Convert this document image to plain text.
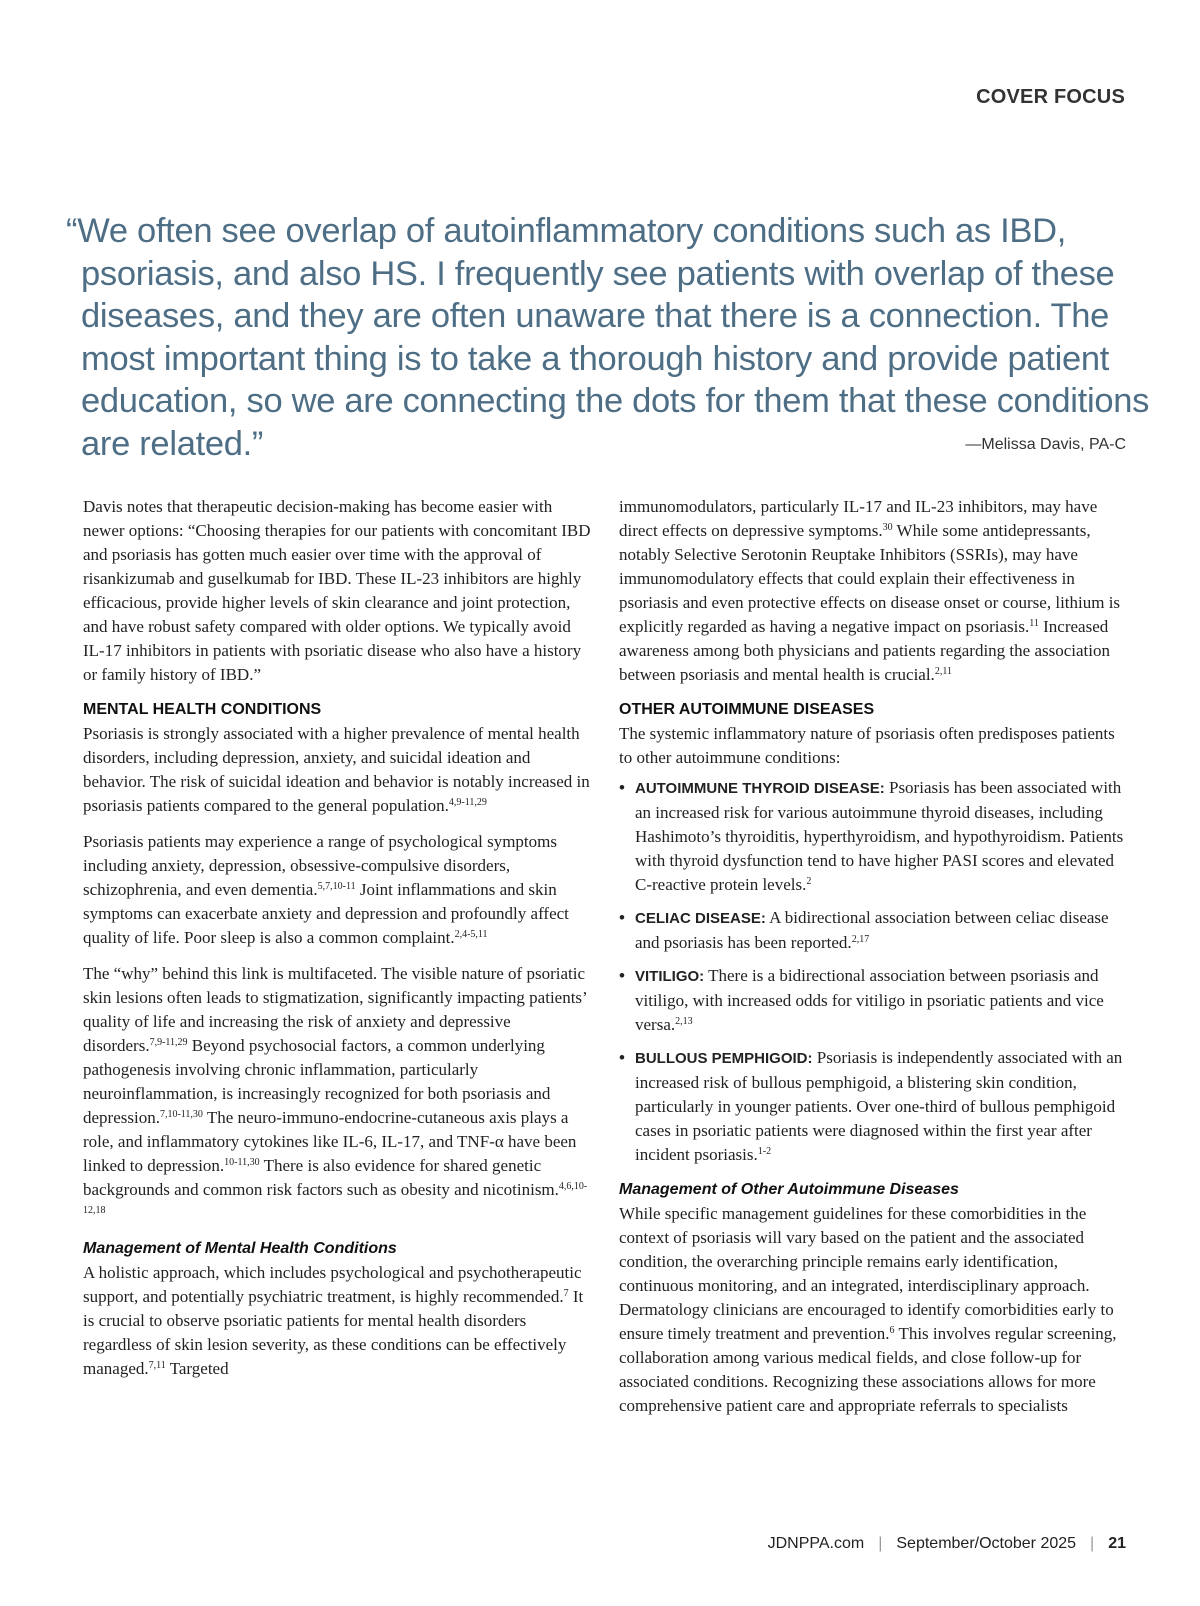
COVER FOCUS

“We often see overlap of autoinflammatory conditions such as IBD, psoriasis, and also HS. I frequently see patients with overlap of these diseases, and they are often unaware that there is a connection. The most important thing is to take a thorough history and provide patient education, so we are connecting the dots for them that these conditions are related.”	—Melissa Davis, PA-C

Davis notes that therapeutic decision-making has become easier with newer options: “Choosing therapies for our patients with concomitant IBD and psoriasis has gotten much easier over time with the approval of risankizumab and guselkumab for IBD. These IL-23 inhibitors are highly efficacious, provide higher levels of skin clearance and joint protection, and have robust safety compared with older options. We typically avoid IL-17 inhibitors in patients with psoriatic disease who also have a history or family history of IBD.”

MENTAL HEALTH CONDITIONS

Psoriasis is strongly associated with a higher prevalence of mental health disorders, including depression, anxiety, and suicidal ideation and behavior. The risk of suicidal ideation and behavior is notably increased in psoriasis patients compared to the general population.$^{4,9-11,29}$

Psoriasis patients may experience a range of psychological symptoms including anxiety, depression, obsessive-compulsive disorders, schizophrenia, and even dementia.$^{5,7,10-11}$ Joint inflammations and skin symptoms can exacerbate anxiety and depression and profoundly affect quality of life. Poor sleep is also a common complaint.$^{2,4-5,11}$

The “why” behind this link is multifaceted. The visible nature of psoriatic skin lesions often leads to stigmatization, significantly impacting patients’ quality of life and increasing the risk of anxiety and depressive disorders.$^{7,9-11,29}$ Beyond psychosocial factors, a common underlying pathogenesis involving chronic inflammation, particularly neuroinflammation, is increasingly recognized for both psoriasis and depression.$^{7,10-11,30}$ The neuro-immuno-endocrine-cutaneous axis plays a role, and inflammatory cytokines like IL-6, IL-17, and TNF-α have been linked to depression.$^{10-11,30}$ There is also evidence for shared genetic backgrounds and common risk factors such as obesity and nicotinism.$^{4,6,10-12,18}$

Management of Mental Health Conditions

A holistic approach, which includes psychological and psychotherapeutic support, and potentially psychiatric treatment, is highly recommended.$^7$ It is crucial to observe psoriatic patients for mental health disorders regardless of skin lesion severity, as these conditions can be effectively managed.$^{7,11}$ Targeted

immunomodulators, particularly IL-17 and IL-23 inhibitors, may have direct effects on depressive symptoms.$^{30}$ While some antidepressants, notably Selective Serotonin Reuptake Inhibitors (SSRIs), may have immunomodulatory effects that could explain their effectiveness in psoriasis and even protective effects on disease onset or course, lithium is explicitly regarded as having a negative impact on psoriasis.$^{11}$ Increased awareness among both physicians and patients regarding the association between psoriasis and mental health is crucial.$^{2,11}$

OTHER AUTOIMMUNE DISEASES

The systemic inflammatory nature of psoriasis often predisposes patients to other autoimmune conditions:

• AUTOIMMUNE THYROID DISEASE: Psoriasis has been associated with an increased risk for various autoimmune thyroid diseases, including Hashimoto’s thyroiditis, hyperthyroidism, and hypothyroidism. Patients with thyroid dysfunction tend to have higher PASI scores and elevated C-reactive protein levels.$^2$
• CELIAC DISEASE: A bidirectional association between celiac disease and psoriasis has been reported.$^{2,17}$
• VITILIGO: There is a bidirectional association between psoriasis and vitiligo, with increased odds for vitiligo in psoriatic patients and vice versa.$^{2,13}$
• BULLOUS PEMPHIGOID: Psoriasis is independently associated with an increased risk of bullous pemphigoid, a blistering skin condition, particularly in younger patients. Over one-third of bullous pemphigoid cases in psoriatic patients were diagnosed within the first year after incident psoriasis.$^{1-2}$
Management of Other Autoimmune Diseases

While specific management guidelines for these comorbidities in the context of psoriasis will vary based on the patient and the associated condition, the overarching principle remains early identification, continuous monitoring, and an integrated, interdisciplinary approach. Dermatology clinicians are encouraged to identify comorbidities early to ensure timely treatment and prevention.$^6$ This involves regular screening, collaboration among various medical fields, and close follow-up for associated conditions. Recognizing these associations allows for more comprehensive patient care and appropriate referrals to specialists

JDNPPA.com | September/October 2025 | 21
